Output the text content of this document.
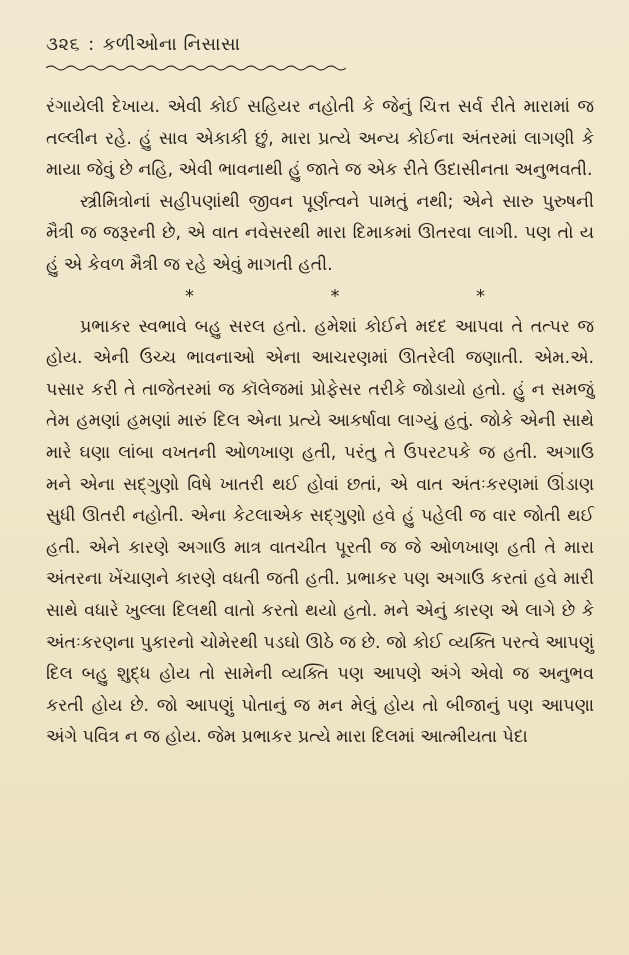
૩૨૬ : કળીઓના નિસાસા

રંગાયેલી દેખાય. એવી કોઈ સહિયર નહોતી કે જેનું ચિત્ત સર્વ રીતે મારામાં જ તલ્લીન રહે. હું સાવ એકાકી છું, મારા પ્રત્યે અન્ય કોઈના અંતરમાં લાગણી કે માયા જેવું છે નહિ, એવી ભાવનાથી હું જાતે જ એક રીતે ઉદાસીનતા અનુભવતી.

સ્ત્રીમિત્રોનાં સહીપણાંથી જીવન પૂર્ણત્વને પામતું નથી; એને સારુ પુરુષની મૈત્રી જ જરૂરની છે, એ વાત નવેસરથી મારા દિમાકમાં ઊતરવા લાગી. પણ તો ય હું એ કેવળ મૈત્રી જ રહે એવું માગતી હતી.

*	*	*

પ્રભાકર સ્વભાવે બહુ સરલ હતો. હમેશાં કોઈને મદદ આપવા તે તત્પર જ હોય. એની ઉચ્ચ ભાવનાઓ એના આચરણમાં ઊતરેલી જણાતી. એમ.એ. પસાર કરી તે તાજેતરમાં જ કૉલેજમાં પ્રોફેસર તરીકે જોડાયો હતો. હું ન સમજું તેમ હમણાં હમણાં મારું દિલ એના પ્રત્યે આકર્ષાવા લાગ્યું હતું. જોકે એની સાથે મારે ઘણા લાંબા વખતની ઓળખાણ હતી, પરંતુ તે ઉપરટપકે જ હતી. અગાઉ મને એના સદ્ગુણો વિષે ખાતરી થઈ હોવાં છતાં, એ વાત અંતઃકરણમાં ઊંડાણ સુધી ઊતરી નહોતી. એના કેટલાએક સદ્ગુણો હવે હું પહેલી જ વાર જોતી થઈ હતી. એને કારણે અગાઉ માત્ર વાતચીત પૂરતી જ જે ઓળખાણ હતી તે મારા અંતરના ખેંચાણને કારણે વધતી જતી હતી. પ્રભાકર પણ અગાઉ કરતાં હવે મારી સાથે વધારે ખુલ્લા દિલથી વાતો કરતો થયો હતો. મને એનું કારણ એ લાગે છે કે અંતઃકરણના પુકારનો ચોમેરથી પડઘો ઊઠે જ છે. જો કોઈ વ્યક્તિ પરત્વે આપણું દિલ બહુ શુદ્ધ હોય તો સામેની વ્યક્તિ પણ આપણે અંગે એવો જ અનુભવ કરતી હોય છે. જો આપણું પોતાનું જ મન મેલું હોય તો બીજાનું પણ આપણા અંગે પવિત્ર ન જ હોય. જેમ પ્રભાકર પ્રત્યે મારા દિલમાં આત્મીયતા પેદા
